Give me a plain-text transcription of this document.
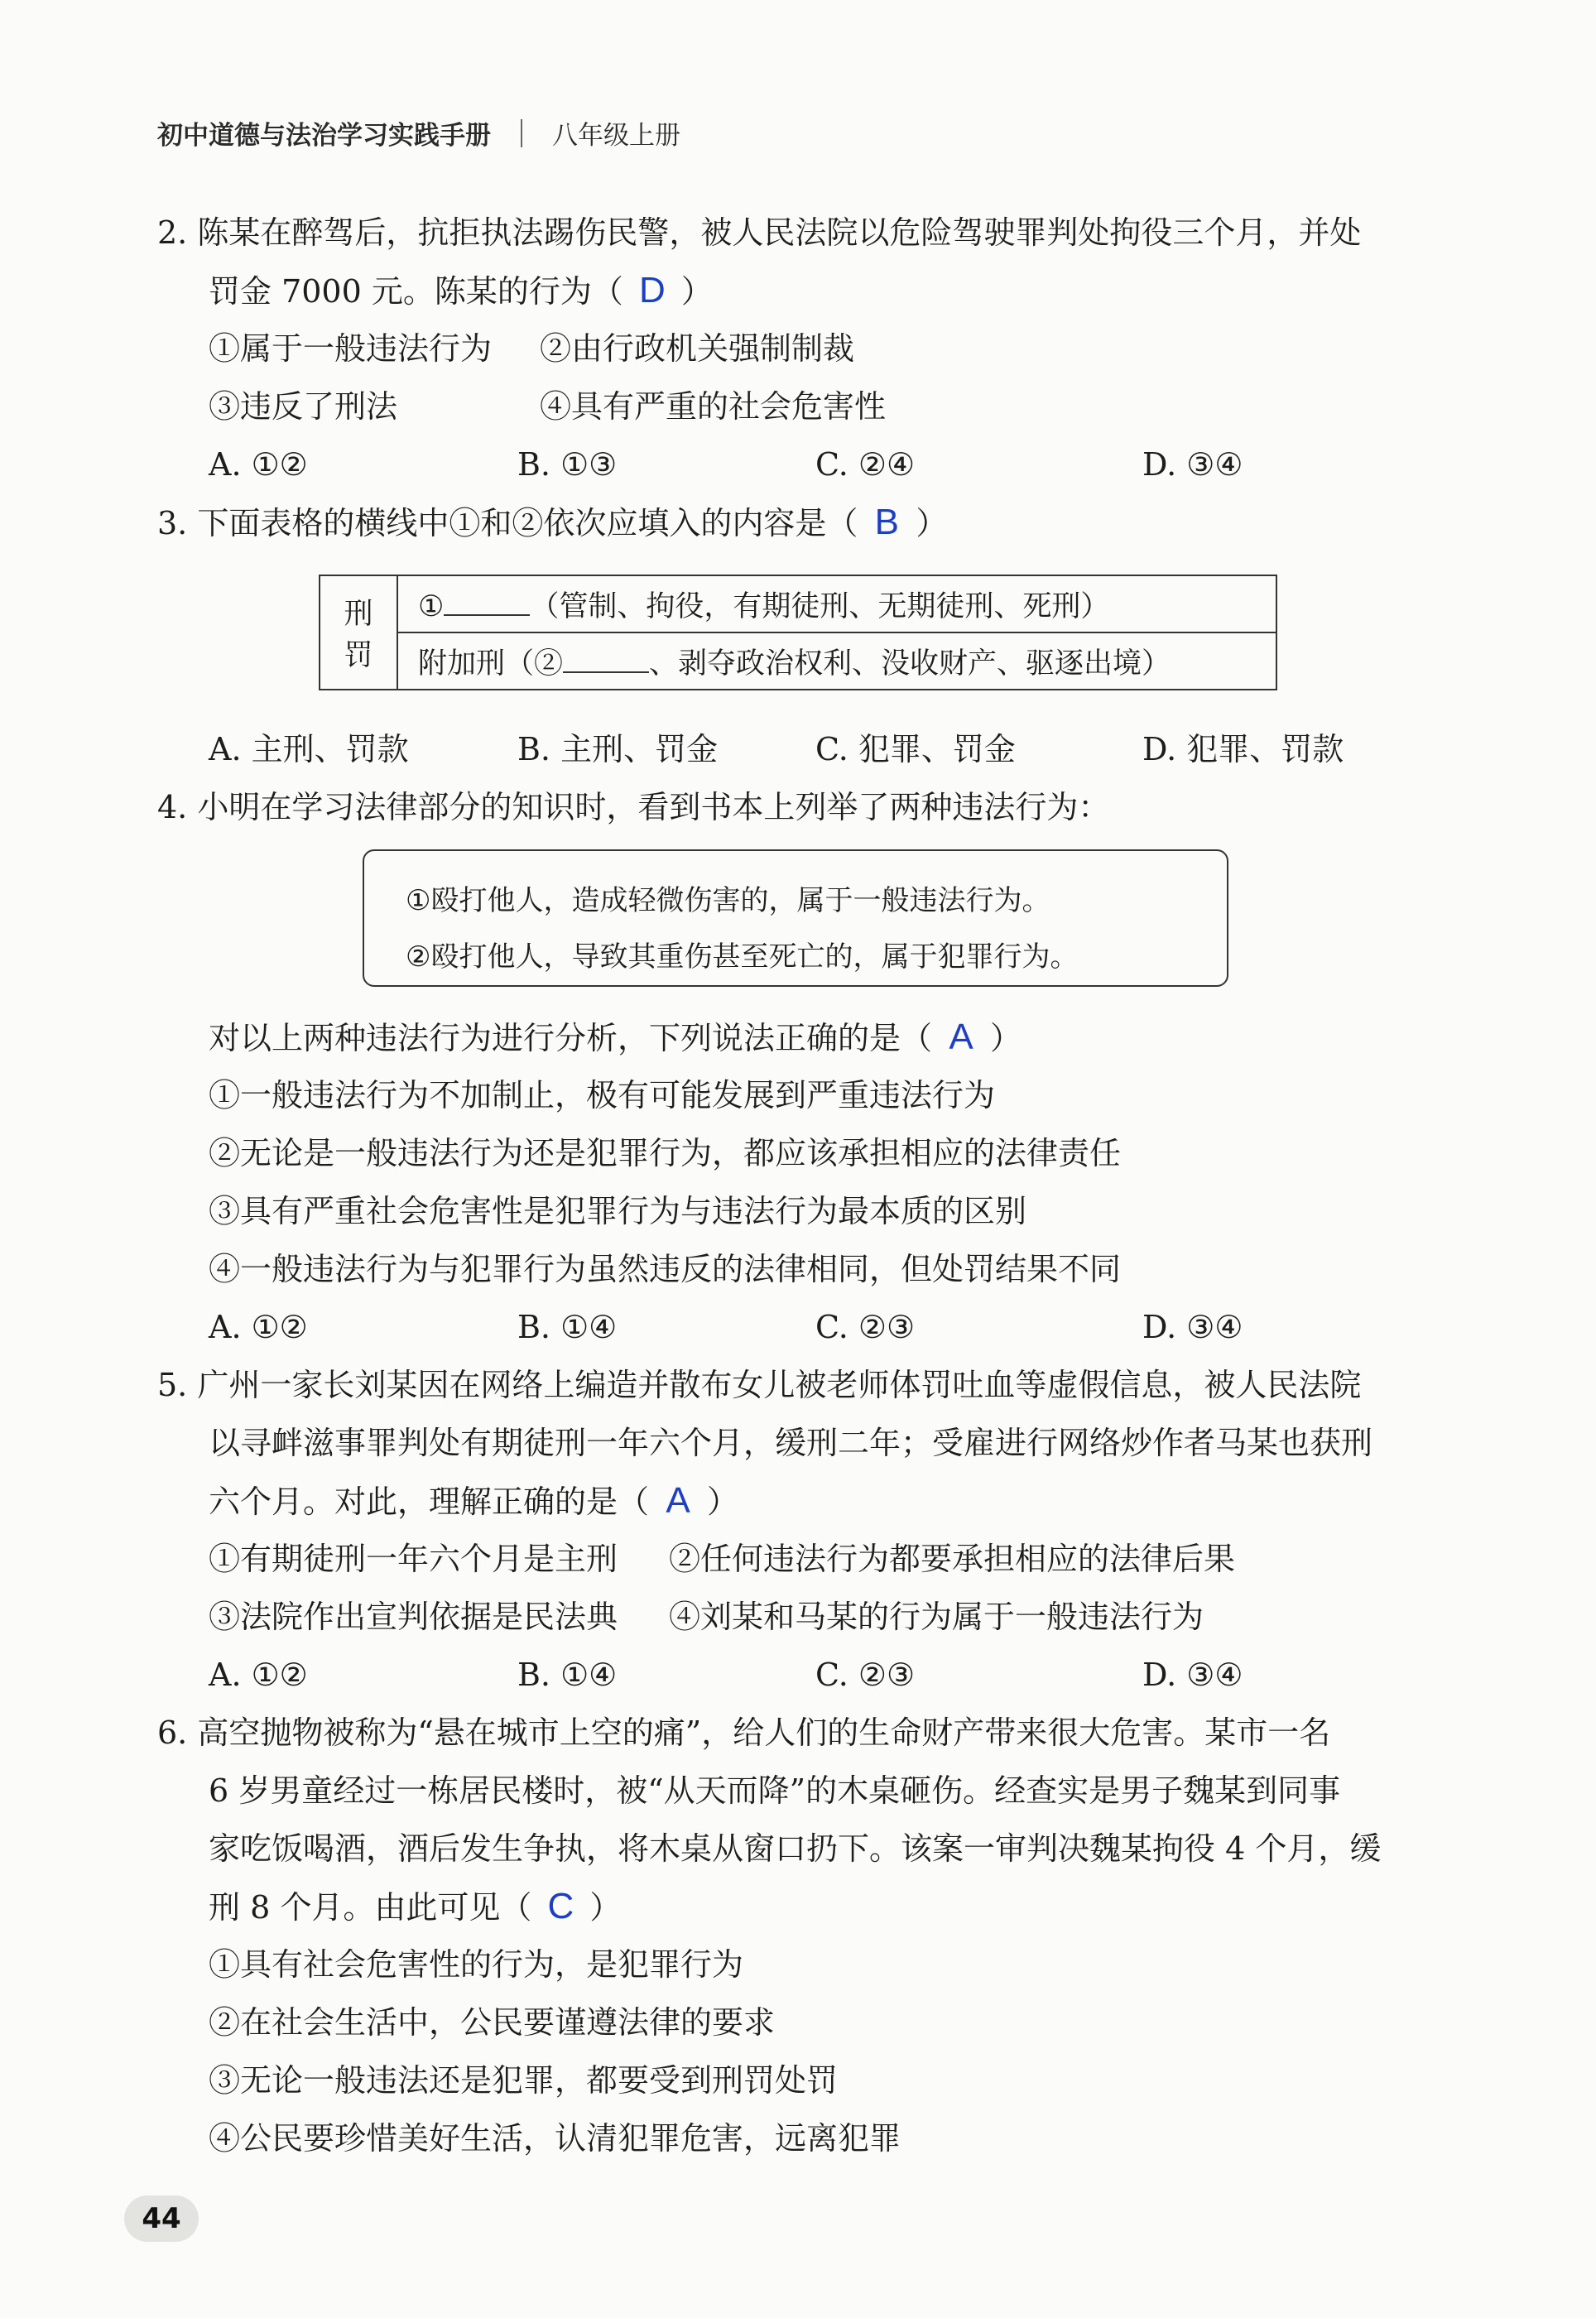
初中道德与法治学习实践手册 八年级上册
2. 陈某在醉驾后，抗拒执法踢伤民警，被人民法院以危险驾驶罪判处拘役三个月，并处
罚金 7000 元。陈某的行为（ D ）
①属于一般违法行为 ②由行政机关强制制裁
③违反了刑法	④具有严重的社会危害性
A. ①②	B. ①③	C. ②④	D. ③④
3. 下面表格的横线中①和②依次应填入的内容是（ B ）
刑罚	①	（管制、拘役，有期徒刑、无期徒刑、死刑）
附加刑（②	、剥夺政治权利、没收财产、驱逐出境）
A. 主刑、罚款	B. 主刑、罚金	C. 犯罪、罚金	D. 犯罪、罚款
4. 小明在学习法律部分的知识时，看到书本上列举了两种违法行为：
①殴打他人，造成轻微伤害的，属于一般违法行为。
②殴打他人，导致其重伤甚至死亡的，属于犯罪行为。
对以上两种违法行为进行分析，下列说法正确的是（ A ）
①一般违法行为不加制止，极有可能发展到严重违法行为
②无论是一般违法行为还是犯罪行为，都应该承担相应的法律责任
③具有严重社会危害性是犯罪行为与违法行为最本质的区别
④一般违法行为与犯罪行为虽然违反的法律相同，但处罚结果不同
A. ①②	B. ①④	C. ②③	D. ③④
5. 广州一家长刘某因在网络上编造并散布女儿被老师体罚吐血等虚假信息，被人民法院
以寻衅滋事罪判处有期徒刑一年六个月，缓刑二年；受雇进行网络炒作者马某也获刑
六个月。对此，理解正确的是（ A ）
①有期徒刑一年六个月是主刑 ②任何违法行为都要承担相应的法律后果
③法院作出宣判依据是民法典 ④刘某和马某的行为属于一般违法行为
A. ①②	B. ①④	C. ②③	D. ③④
6. 高空抛物被称为“悬在城市上空的痛”，给人们的生命财产带来很大危害。某市一名
6 岁男童经过一栋居民楼时，被“从天而降”的木桌砸伤。经查实是男子魏某到同事
家吃饭喝酒，酒后发生争执，将木桌从窗口扔下。该案一审判决魏某拘役 4 个月，缓
刑 8 个月。由此可见（ C ）
①具有社会危害性的行为，是犯罪行为
②在社会生活中，公民要谨遵法律的要求
③无论一般违法还是犯罪，都要受到刑罚处罚
④公民要珍惜美好生活，认清犯罪危害，远离犯罪
44
